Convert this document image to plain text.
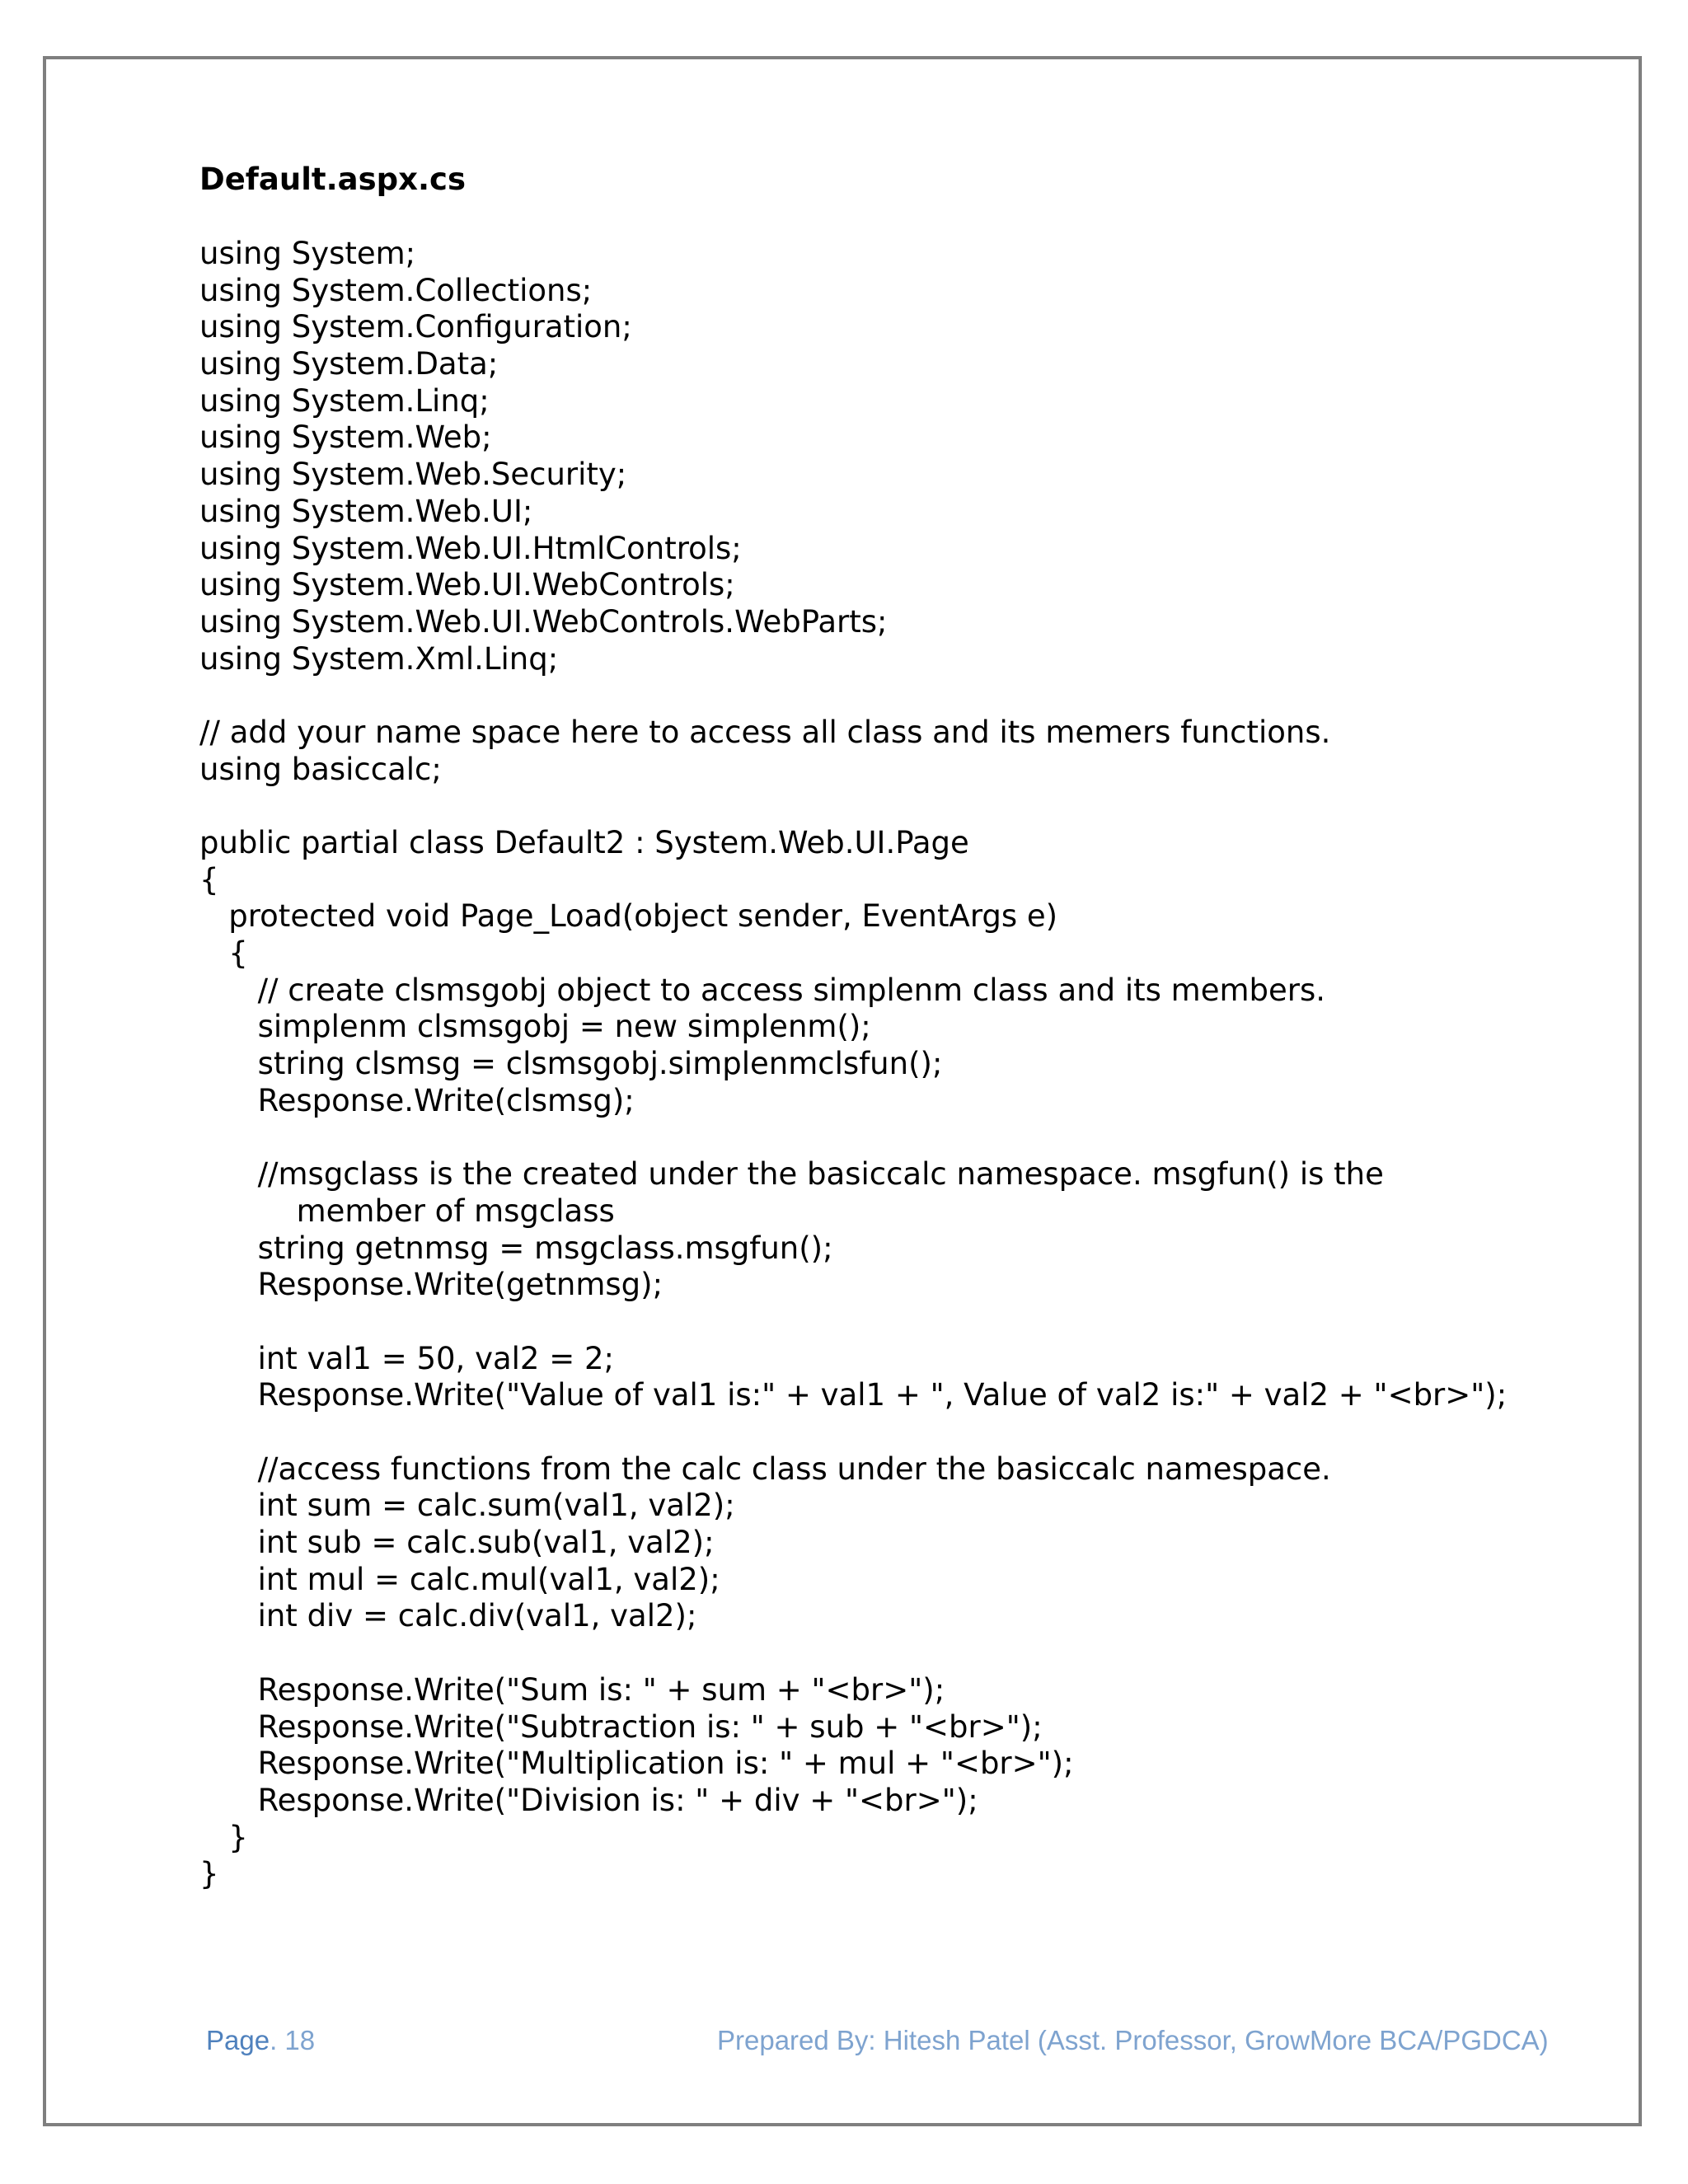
Default.aspx.cs
using System;
using System.Collections;
using System.Configuration;
using System.Data;
using System.Linq;
using System.Web;
using System.Web.Security;
using System.Web.UI;
using System.Web.UI.HtmlControls;
using System.Web.UI.WebControls;
using System.Web.UI.WebControls.WebParts;
using System.Xml.Linq;
// add your name space here to access all class and its memers functions.
using basiccalc;
public partial class Default2 : System.Web.UI.Page
{
protected void Page_Load(object sender, EventArgs e)
{
// create clsmsgobj object to access simplenm class and its members.
simplenm clsmsgobj = new simplenm();
string clsmsg = clsmsgobj.simplenmclsfun();
Response.Write(clsmsg);
//msgclass is the created under the basiccalc namespace. msgfun() is the
member of msgclass
string getnmsg = msgclass.msgfun();
Response.Write(getnmsg);
int val1 = 50, val2 = 2;
Response.Write("Value of val1 is:" + val1 + ", Value of val2 is:" + val2 + "<br>");
//access functions from the calc class under the basiccalc namespace.
int sum = calc.sum(val1, val2);
int sub = calc.sub(val1, val2);
int mul = calc.mul(val1, val2);
int div = calc.div(val1, val2);
Response.Write("Sum is: " + sum + "<br>");
Response.Write("Subtraction is: " + sub + "<br>");
Response.Write("Multiplication is: " + mul + "<br>");
Response.Write("Division is: " + div + "<br>");
}
}
Page. 18	Prepared By: Hitesh Patel (Asst. Professor, GrowMore BCA/PGDCA)
